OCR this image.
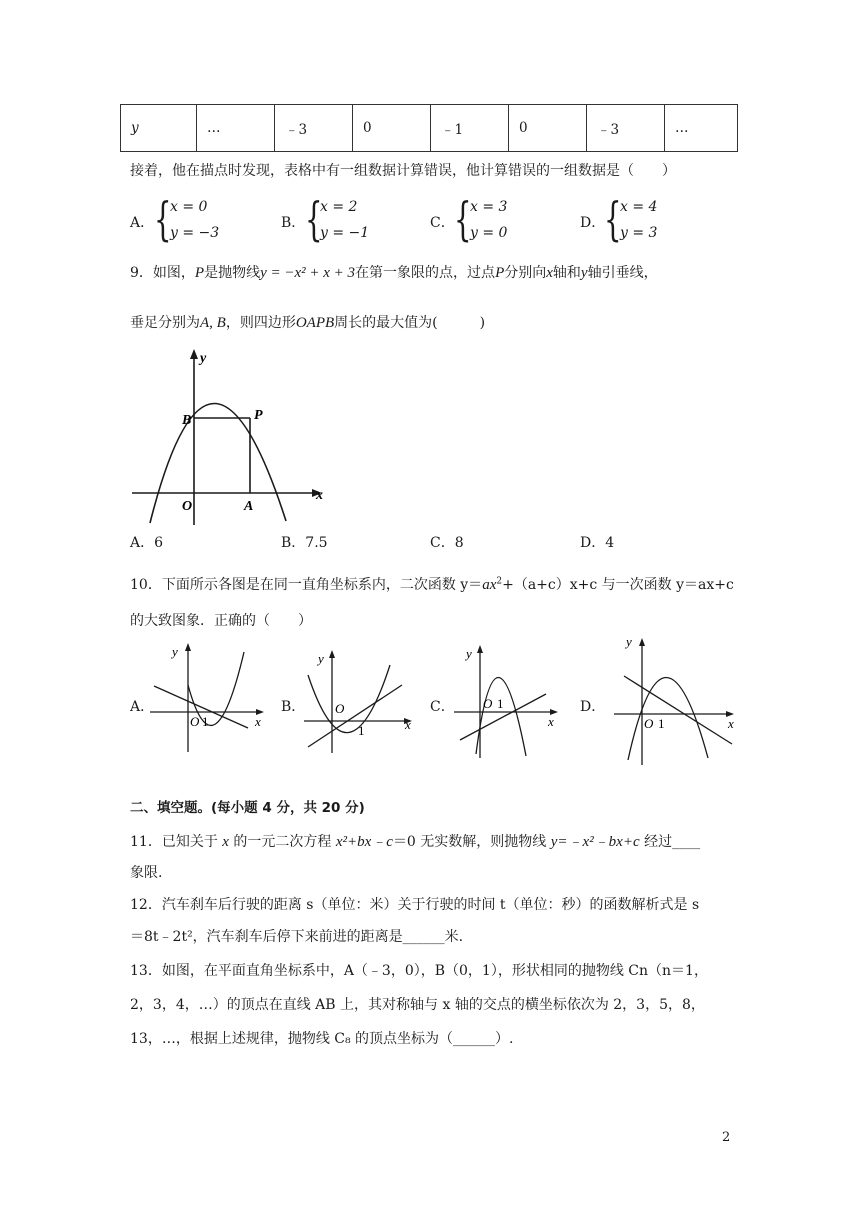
y	…	﹣3	0	﹣1	0	﹣3	…
接着，他在描点时发现，表格中有一组数据计算错误，他计算错误的一组数据是（　　）
A． {
x = 0
y = −3
B． {
x = 2
y = −1
C． {
x = 3
y = 0
D．
{
x = 4
y = 3
9．如图，P是抛物线y = −x² + x + 3在第一象限的点，过点P分别向x轴和y轴引垂线，
垂足分别为A, B，则四边形OAPB周长的最大值为(　　　)
y
x
O
B	P
A
A．6	B．7.5	C．8	D．4
10．下面所示各图是在同一直角坐标系内，二次函数 $y=ax^2+(a+c)x+c$ 与一次函数 y＝ax+c
的大致图象．正确的（　　）
A．	B．	C．	D．
y
x
O 1
y
x
O
1
y
x
O 1
y
x
O 1
二、填空题。(每小题 4 分，共 20 分)
11．已知关于 x 的一元二次方程 x²+bx﹣c＝0 无实数解，则抛物线 y=﹣x²﹣bx+c 经过____
象限.
12．汽车刹车后行驶的距离 s（单位：米）关于行驶的时间 t（单位：秒）的函数解析式是 s
＝8t﹣2t²，汽车刹车后停下来前进的距离是______米.
13．如图，在平面直角坐标系中，A（﹣3，0），B（0，1），形状相同的抛物线 Cn（n＝1，
2，3，4，…）的顶点在直线 AB 上，其对称轴与 x 轴的交点的横坐标依次为 2，3，5，8，
13，…，根据上述规律，抛物线 C₈ 的顶点坐标为（______）.
2
